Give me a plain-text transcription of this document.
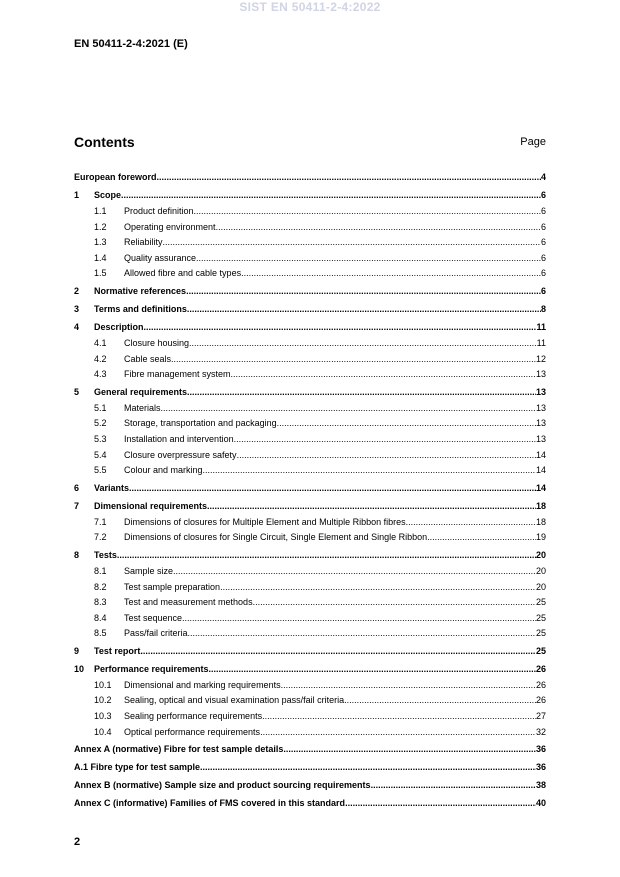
SIST EN 50411-2-4:2022
EN 50411-2-4:2021 (E)
Contents	Page
European foreword .....	4
1	Scope .....	6
1.1	Product definition .....	6
1.2	Operating environment .....	6
1.3	Reliability .....	6
1.4	Quality assurance .....	6
1.5	Allowed fibre and cable types .....	6
2	Normative references .....	6
3	Terms and definitions .....	8
4	Description .....	11
4.1	Closure housing .....	11
4.2	Cable seals .....	12
4.3	Fibre management system .....	13
5	General requirements .....	13
5.1	Materials .....	13
5.2	Storage, transportation and packaging .....	13
5.3	Installation and intervention .....	13
5.4	Closure overpressure safety .....	14
5.5	Colour and marking .....	14
6	Variants .....	14
7	Dimensional requirements .....	18
7.1	Dimensions of closures for Multiple Element and Multiple Ribbon fibres .....	18
7.2	Dimensions of closures for Single Circuit, Single Element and Single Ribbon .....	19
8	Tests .....	20
8.1	Sample size .....	20
8.2	Test sample preparation .....	20
8.3	Test and measurement methods .....	25
8.4	Test sequence .....	25
8.5	Pass/fail criteria .....	25
9	Test report .....	25
10	Performance requirements .....	26
10.1	Dimensional and marking requirements .....	26
10.2	Sealing, optical and visual examination pass/fail criteria .....	26
10.3	Sealing performance requirements .....	27
10.4	Optical performance requirements .....	32
Annex A (normative) Fibre for test sample details .....	36
A.1 Fibre type for test sample .....	36
Annex B (normative) Sample size and product sourcing requirements .....	38
Annex C (informative) Families of FMS covered in this standard .....	40
2
